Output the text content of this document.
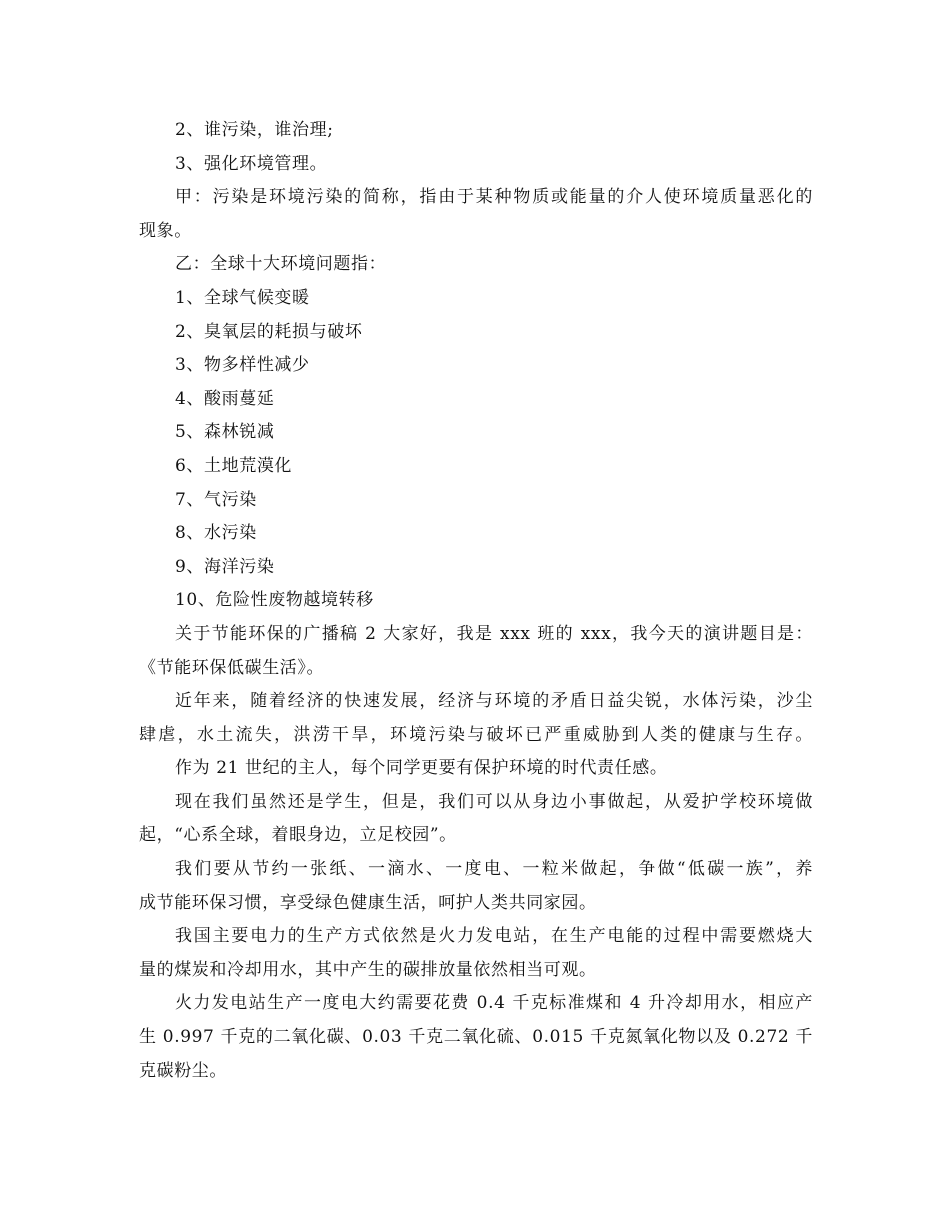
2、谁污染，谁治理;
3、强化环境管理。
甲：污染是环境污染的简称，指由于某种物质或能量的介人使环境质量恶化的
现象。
乙：全球十大环境问题指：
1、全球气候变暖
2、臭氧层的耗损与破坏
3、物多样性减少
4、酸雨蔓延
5、森林锐减
6、土地荒漠化
7、气污染
8、水污染
9、海洋污染
10、危险性废物越境转移
关于节能环保的广播稿 2 大家好，我是 xxx 班的 xxx，我今天的演讲题目是：
《节能环保低碳生活》。
近年来，随着经济的快速发展，经济与环境的矛盾日益尖锐，水体污染，沙尘
肆虐，水土流失，洪涝干旱，环境污染与破坏已严重威胁到人类的健康与生存。
作为 21 世纪的主人，每个同学更要有保护环境的时代责任感。
现在我们虽然还是学生，但是，我们可以从身边小事做起，从爱护学校环境做
起，“心系全球，着眼身边，立足校园”。
我们要从节约一张纸、一滴水、一度电、一粒米做起，争做“低碳一族”，养
成节能环保习惯，享受绿色健康生活，呵护人类共同家园。
我国主要电力的生产方式依然是火力发电站，在生产电能的过程中需要燃烧大
量的煤炭和冷却用水，其中产生的碳排放量依然相当可观。
火力发电站生产一度电大约需要花费 0.4 千克标准煤和 4 升冷却用水，相应产
生 0.997 千克的二氧化碳、0.03 千克二氧化硫、0.015 千克氮氧化物以及 0.272 千
克碳粉尘。
